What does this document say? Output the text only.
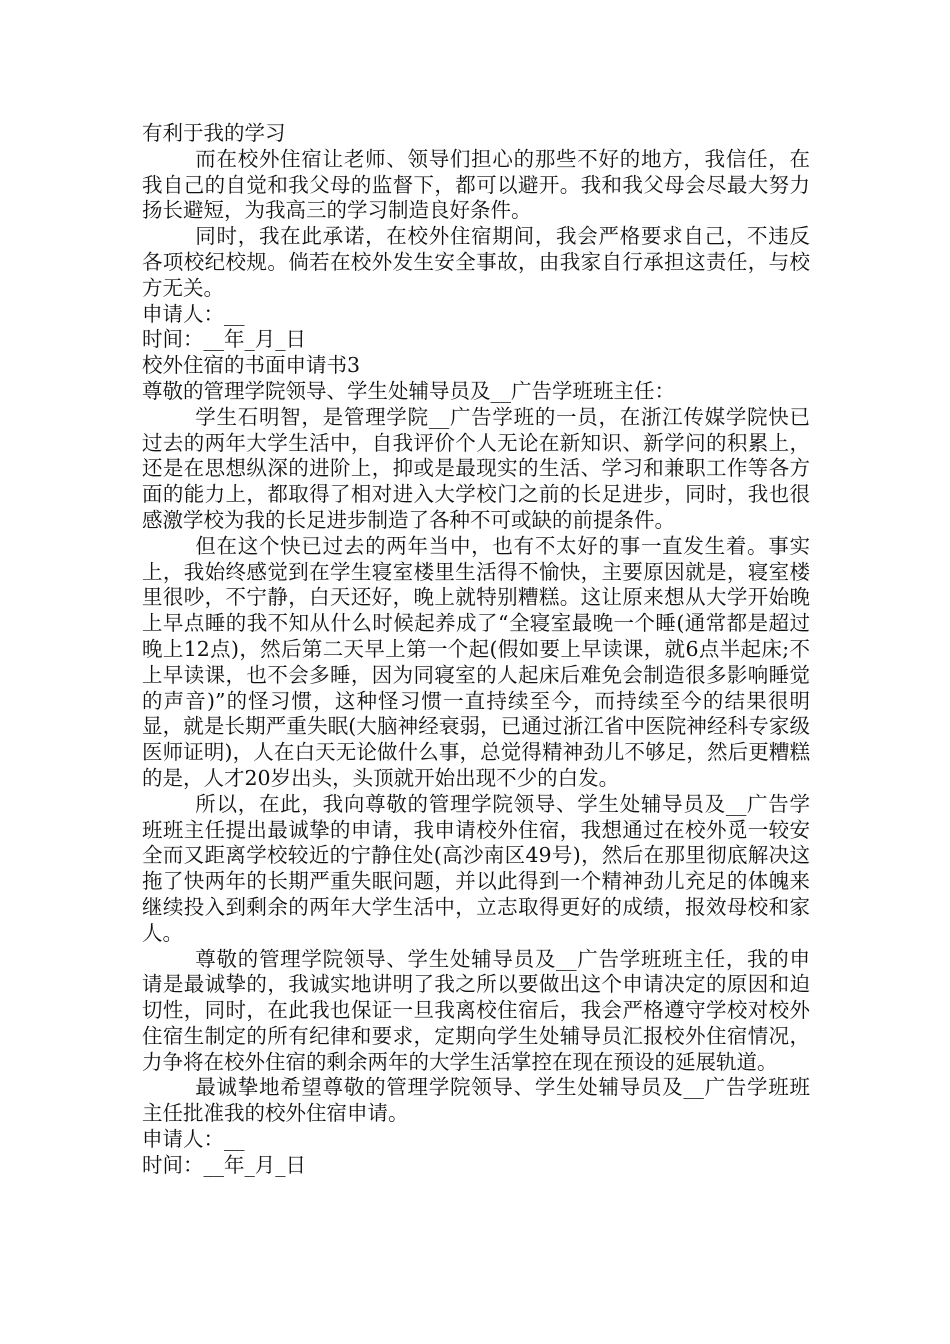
有利于我的学习

而在校外住宿让老师、领导们担心的那些不好的地方，我信任，在我自己的自觉和我父母的监督下，都可以避开。我和我父母会尽最大努力扬长避短，为我高三的学习制造良好条件。

同时，我在此承诺，在校外住宿期间，我会严格要求自己，不违反各项校纪校规。倘若在校外发生安全事故，由我家自行承担这责任，与校方无关。

申请人：__

时间：__年_月_日

校外住宿的书面申请书3

尊敬的管理学院领导、学生处辅导员及__广告学班班主任：

学生石明智，是管理学院__广告学班的一员，在浙江传媒学院快已过去的两年大学生活中，自我评价个人无论在新知识、新学问的积累上，还是在思想纵深的进阶上，抑或是最现实的生活、学习和兼职工作等各方面的能力上，都取得了相对进入大学校门之前的长足进步，同时，我也很感激学校为我的长足进步制造了各种不可或缺的前提条件。

但在这个快已过去的两年当中，也有不太好的事一直发生着。事实上，我始终感觉到在学生寝室楼里生活得不愉快，主要原因就是，寝室楼里很吵，不宁静，白天还好，晚上就特别糟糕。这让原来想从大学开始晚上早点睡的我不知从什么时候起养成了“全寝室最晚一个睡(通常都是超过晚上12点)，然后第二天早上第一个起(假如要上早读课，就6点半起床;不上早读课，也不会多睡，因为同寝室的人起床后难免会制造很多影响睡觉的声音)”的怪习惯，这种怪习惯一直持续至今，而持续至今的结果很明显，就是长期严重失眠(大脑神经衰弱，已通过浙江省中医院神经科专家级医师证明)，人在白天无论做什么事，总觉得精神劲儿不够足，然后更糟糕的是，人才20岁出头，头顶就开始出现不少的白发。

所以，在此，我向尊敬的管理学院领导、学生处辅导员及__广告学班班主任提出最诚挚的申请，我申请校外住宿，我想通过在校外觅一较安全而又距离学校较近的宁静住处(高沙南区49号)，然后在那里彻底解决这拖了快两年的长期严重失眠问题，并以此得到一个精神劲儿充足的体魄来继续投入到剩余的两年大学生活中，立志取得更好的成绩，报效母校和家人。

尊敬的管理学院领导、学生处辅导员及__广告学班班主任，我的申请是最诚挚的，我诚实地讲明了我之所以要做出这个申请决定的原因和迫切性，同时，在此我也保证一旦我离校住宿后，我会严格遵守学校对校外住宿生制定的所有纪律和要求，定期向学生处辅导员汇报校外住宿情况，力争将在校外住宿的剩余两年的大学生活掌控在现在预设的延展轨道。

最诚挚地希望尊敬的管理学院领导、学生处辅导员及__广告学班班主任批准我的校外住宿申请。

申请人：__

时间：__年_月_日
